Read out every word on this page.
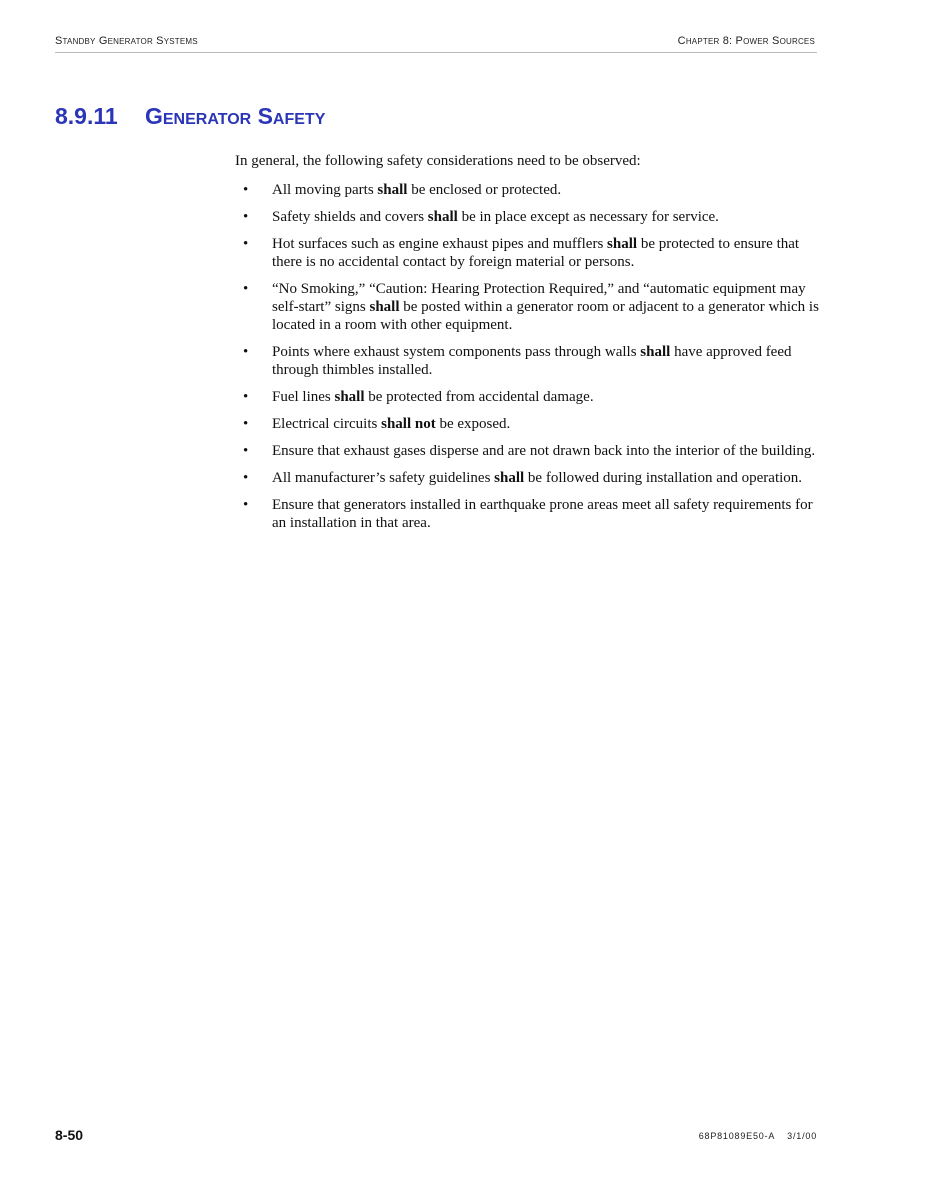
Standby Generator Systems	Chapter 8: Power Sources
8.9.11 Generator Safety

In general, the following safety considerations need to be observed:

• All moving parts shall be enclosed or protected.
• Safety shields and covers shall be in place except as necessary for service.
• Hot surfaces such as engine exhaust pipes and mufflers shall be protected to ensure that there is no accidental contact by foreign material or persons.
• “No Smoking,” “Caution: Hearing Protection Required,” and “automatic equipment may self-start” signs shall be posted within a generator room or adjacent to a generator which is located in a room with other equipment.
• Points where exhaust system components pass through walls shall have approved feed through thimbles installed.
• Fuel lines shall be protected from accidental damage.
• Electrical circuits shall not be exposed.
• Ensure that exhaust gases disperse and are not drawn back into the interior of the building.
• All manufacturer’s safety guidelines shall be followed during installation and operation.
• Ensure that generators installed in earthquake prone areas meet all safety requirements for an installation in that area.
8-50	68P81089E50-A 3/1/00
